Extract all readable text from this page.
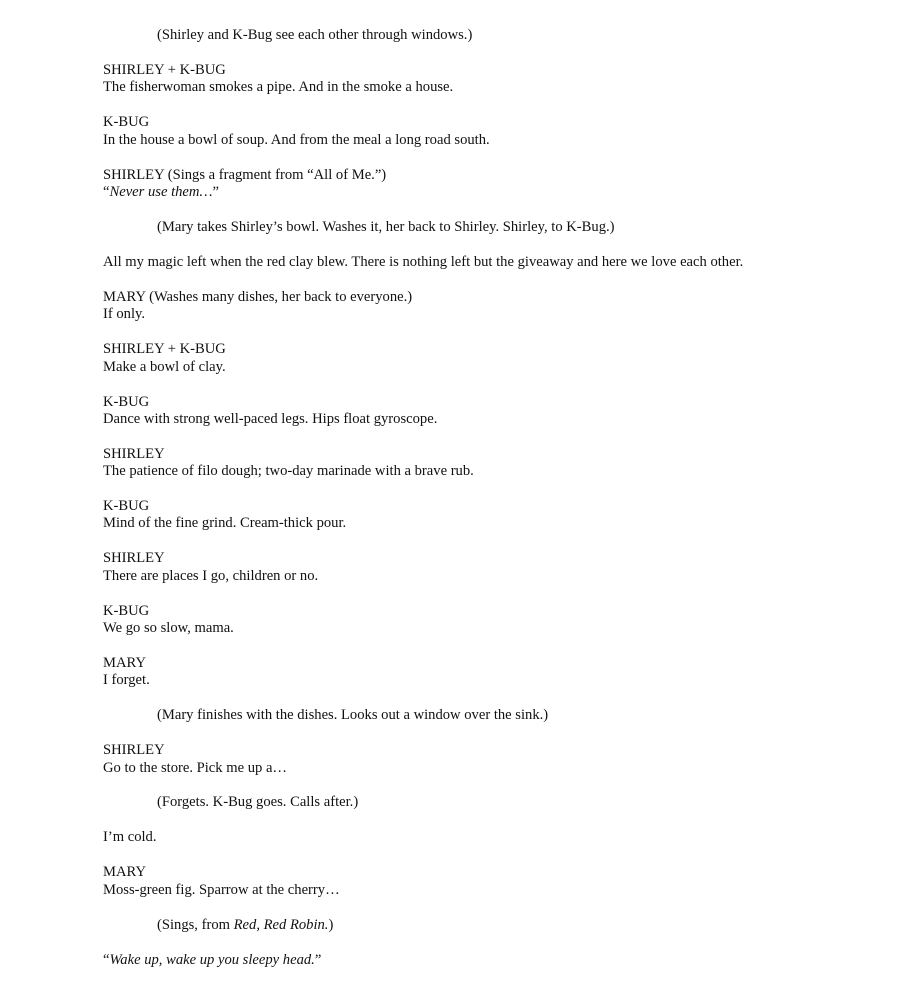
(Shirley and K-Bug see each other through windows.)
SHIRLEY + K-BUG
The fisherwoman smokes a pipe. And in the smoke a house.
K-BUG
In the house a bowl of soup. And from the meal a long road south.
SHIRLEY (Sings a fragment from “All of Me.”)
“Never use them…”
(Mary takes Shirley’s bowl. Washes it, her back to Shirley. Shirley, to K-Bug.)
All my magic left when the red clay blew. There is nothing left but the giveaway and here we love each other.
MARY (Washes many dishes, her back to everyone.)
If only.
SHIRLEY + K-BUG
Make a bowl of clay.
K-BUG
Dance with strong well-paced legs. Hips float gyroscope.
SHIRLEY
The patience of filo dough; two-day marinade with a brave rub.
K-BUG
Mind of the fine grind. Cream-thick pour.
SHIRLEY
There are places I go, children or no.
K-BUG
We go so slow, mama.
MARY
I forget.
(Mary finishes with the dishes. Looks out a window over the sink.)
SHIRLEY
Go to the store. Pick me up a…
(Forgets. K-Bug goes. Calls after.)
I’m cold.
MARY
Moss-green fig. Sparrow at the cherry…
(Sings, from Red, Red Robin.)
“Wake up, wake up you sleepy head.”
